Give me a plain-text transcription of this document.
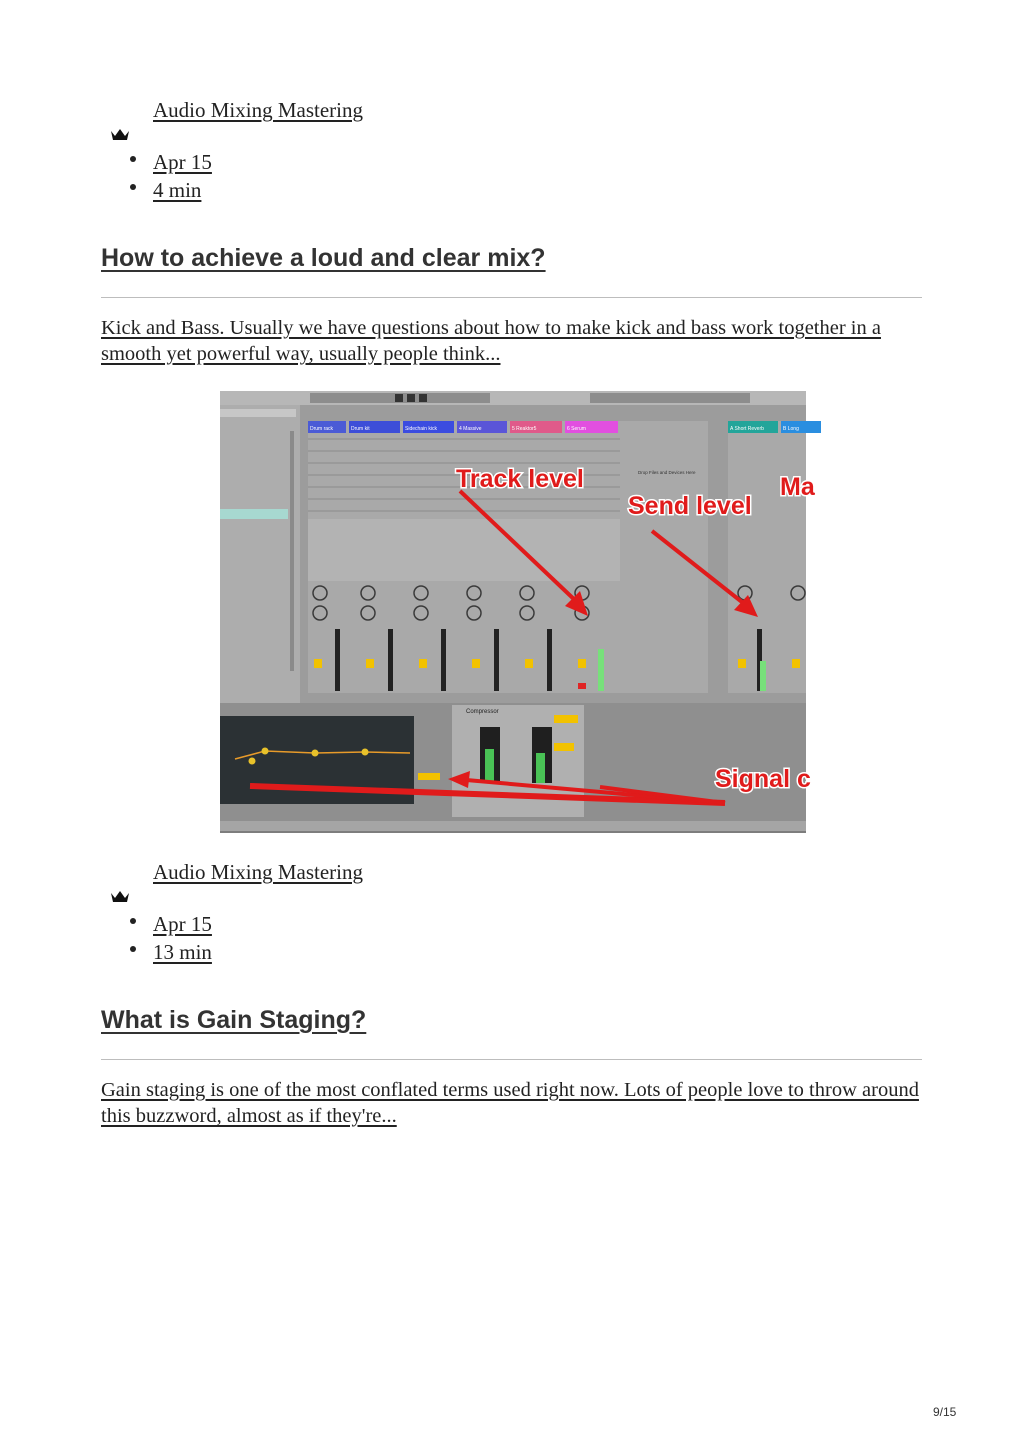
Audio Mixing Mastering
Apr 15
4 min
How to achieve a loud and clear mix?

Kick and Bass. Usually we have questions about how to make kick and bass work together in a smooth yet powerful way, usually people think...

Drum rack	Drum kit	Sidechain kick	4 Massive	5 Reaktor5	6 Serum	A Short Reverb	B Long
Compressor
Drop Files and Devices Here
Track level
Send level
Ma
Signal c
Audio Mixing Mastering
Apr 15
13 min
What is Gain Staging?

Gain staging is one of the most conflated terms used right now. Lots of people love to throw around this buzzword, almost as if they're...

9/15
